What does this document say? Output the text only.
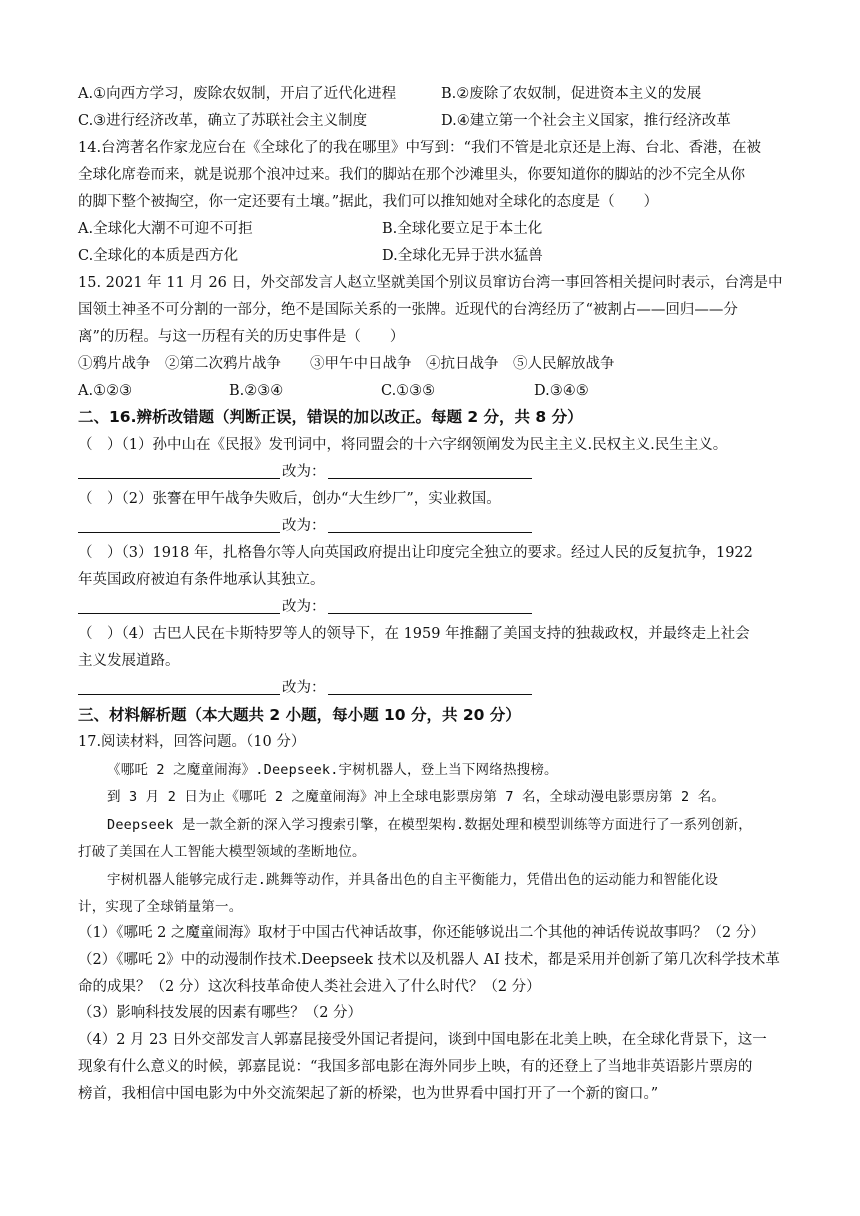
A.①向西方学习，废除农奴制，开启了近代化进程	B.②废除了农奴制，促进资本主义的发展
C.③进行经济改革，确立了苏联社会主义制度	D.④建立第一个社会主义国家，推行经济改革
14.台湾著名作家龙应台在《全球化了的我在哪里》中写到：“我们不管是北京还是上海、台北、香港，在被
全球化席卷而来，就是说那个浪冲过来。我们的脚站在那个沙滩里头，你要知道你的脚站的沙不完全从你
的脚下整个被掏空，你一定还要有土壤。”据此，我们可以推知她对全球化的态度是（　　）
A.全球化大潮不可迎不可拒	B.全球化要立足于本土化
C.全球化的本质是西方化	D.全球化无异于洪水猛兽
15. 2021 年 11 月 26 日，外交部发言人赵立坚就美国个别议员窜访台湾一事回答相关提问时表示，台湾是中
国领土神圣不可分割的一部分，绝不是国际关系的一张牌。近现代的台湾经历了“被割占——回归——分
离”的历程。与这一历程有关的历史事件是（　　）
①鸦片战争　②第二次鸦片战争　　③甲午中日战争　④抗日战争　⑤人民解放战争
A.①②③	B.②③④	C.①③⑤	D.③④⑤
二、16.辨析改错题（判断正误，错误的加以改正。每题 2 分，共 8 分）
（　）（1）孙中山在《民报》发刊词中，将同盟会的十六字纲领阐发为民主主义.民权主义.民生主义。
改为：
（　）（2）张謇在甲午战争失败后，创办“大生纱厂”，实业救国。
改为：
（　）（3）1918 年，扎格鲁尔等人向英国政府提出让印度完全独立的要求。经过人民的反复抗争，1922
年英国政府被迫有条件地承认其独立。
改为：
（　）（4）古巴人民在卡斯特罗等人的领导下，在 1959 年推翻了美国支持的独裁政权，并最终走上社会
主义发展道路。
改为：
三、材料解析题（本大题共 2 小题，每小题 10 分，共 20 分）
17.阅读材料，回答问题。（10 分）
《哪吒 2 之魔童闹海》.Deepseek.宇树机器人，登上当下网络热搜榜。
到 3 月 2 日为止《哪吒 2 之魔童闹海》冲上全球电影票房第 7 名，全球动漫电影票房第 2 名。
Deepseek 是一款全新的深入学习搜索引擎，在模型架构.数据处理和模型训练等方面进行了一系列创新，
打破了美国在人工智能大模型领域的垄断地位。
宇树机器人能够完成行走.跳舞等动作，并具备出色的自主平衡能力，凭借出色的运动能力和智能化设
计，实现了全球销量第一。
（1）《哪吒 2 之魔童闹海》取材于中国古代神话故事，你还能够说出二个其他的神话传说故事吗？（2 分）
（2）《哪吒 2》中的动漫制作技术.Deepseek 技术以及机器人 AI 技术，都是采用并创新了第几次科学技术革
命的成果？（2 分）这次科技革命使人类社会进入了什么时代？（2 分）
（3）影响科技发展的因素有哪些？（2 分）
（4）2 月 23 日外交部发言人郭嘉昆接受外国记者提问，谈到中国电影在北美上映，在全球化背景下，这一
现象有什么意义的时候，郭嘉昆说：“我国多部电影在海外同步上映，有的还登上了当地非英语影片票房的
榜首，我相信中国电影为中外交流架起了新的桥梁，也为世界看中国打开了一个新的窗口。”
